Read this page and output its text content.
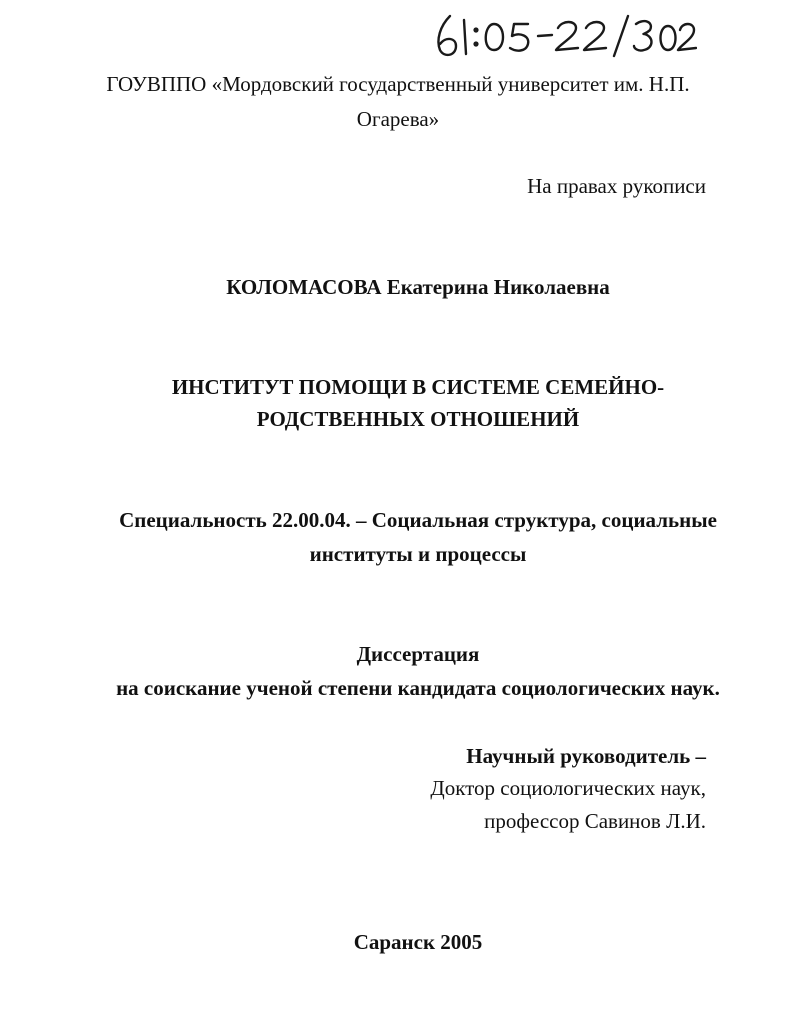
ГОУВППО «Мордовский государственный университет им. Н.П.
Огарева»
На правах рукописи
КОЛОМАСОВА Екатерина Николаевна
ИНСТИТУТ ПОМОЩИ В СИСТЕМЕ СЕМЕЙНО-
РОДСТВЕННЫХ ОТНОШЕНИЙ
Специальность 22.00.04. – Социальная структура, социальные
институты и процессы
Диссертация
на соискание ученой степени кандидата социологических наук.
Научный руководитель –
Доктор социологических наук,
профессор Савинов Л.И.
Саранск 2005
